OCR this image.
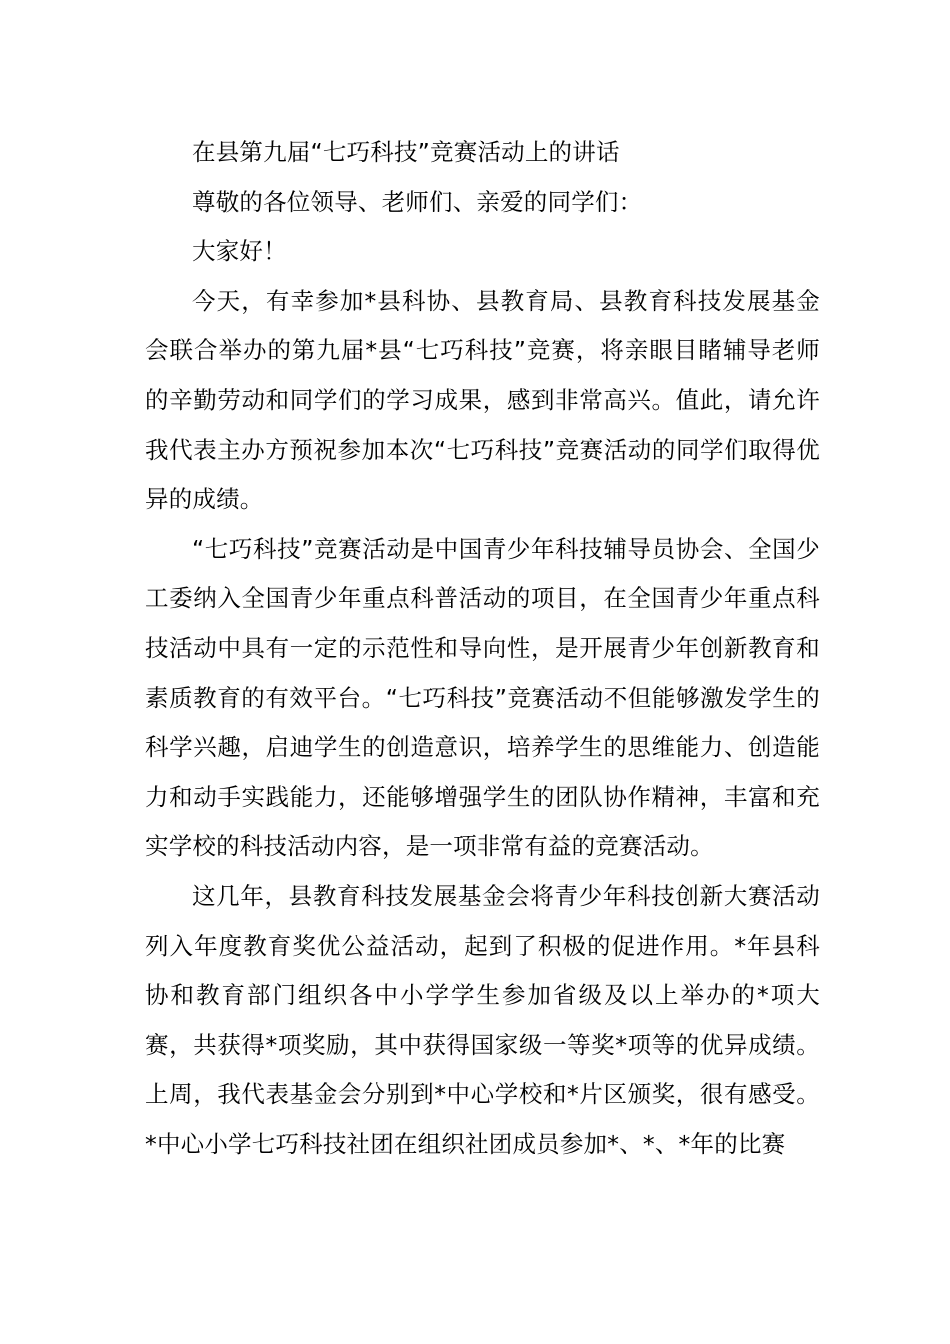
在县第九届“七巧科技”竞赛活动上的讲话

尊敬的各位领导、老师们、亲爱的同学们：

大家好！

今天，有幸参加*县科协、县教育局、县教育科技发展基金会联合举办的第九届*县“七巧科技”竞赛，将亲眼目睹辅导老师的辛勤劳动和同学们的学习成果，感到非常高兴。值此，请允许我代表主办方预祝参加本次“七巧科技”竞赛活动的同学们取得优异的成绩。

“七巧科技”竞赛活动是中国青少年科技辅导员协会、全国少工委纳入全国青少年重点科普活动的项目，在全国青少年重点科技活动中具有一定的示范性和导向性，是开展青少年创新教育和素质教育的有效平台。“七巧科技”竞赛活动不但能够激发学生的科学兴趣，启迪学生的创造意识，培养学生的思维能力、创造能力和动手实践能力，还能够增强学生的团队协作精神，丰富和充实学校的科技活动内容，是一项非常有益的竞赛活动。

这几年，县教育科技发展基金会将青少年科技创新大赛活动列入年度教育奖优公益活动，起到了积极的促进作用。*年县科协和教育部门组织各中小学学生参加省级及以上举办的*项大赛，共获得*项奖励，其中获得国家级一等奖*项等的优异成绩。上周，我代表基金会分别到*中心学校和*片区颁奖，很有感受。*中心小学七巧科技社团在组织社团成员参加*、*、*年的比赛
